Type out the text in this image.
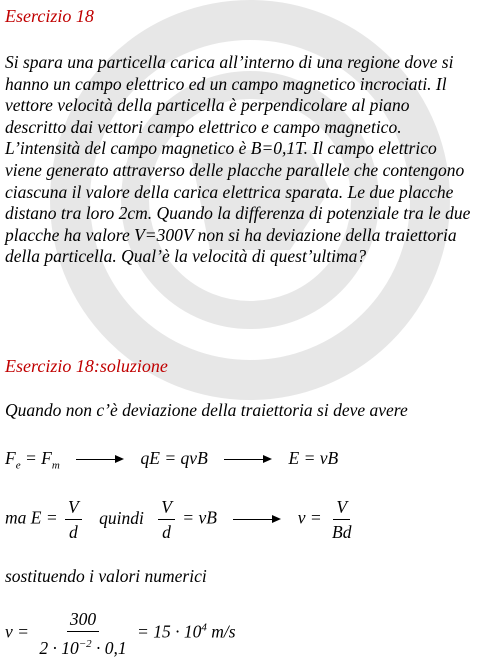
Esercizio 18

Si spara una particella carica all’interno di una regione dove si hanno un campo elettrico ed un campo magnetico incrociati. Il vettore velocità della particella è perpendicolare al piano descritto dai vettori campo elettrico e campo magnetico.

L’intensità del campo magnetico è B=0,1T. Il campo elettrico viene generato attraverso delle placche parallele che contengono ciascuna il valore della carica elettrica sparata. Le due placche distano tra loro 2cm. Quando la differenza di potenziale tra le due placche ha valore V=300V non si ha deviazione della traiettoria della particella. Qual’è la velocità di quest’ultima?

Esercizio 18:soluzione
Quando non c’è deviazione della traiettoria si deve avere
$F_e = F_m$	qE = qvB	E = vB
ma $E = \frac{V}{d}$ quindi $\frac{V}{d}$ = vB	$v = \frac{V}{Bd}$
sostituendo i valori numerici
$v = \frac{300}{2 \cdot 10^{-2} \cdot 0,1} = 15 \cdot 10^4$ m/s
